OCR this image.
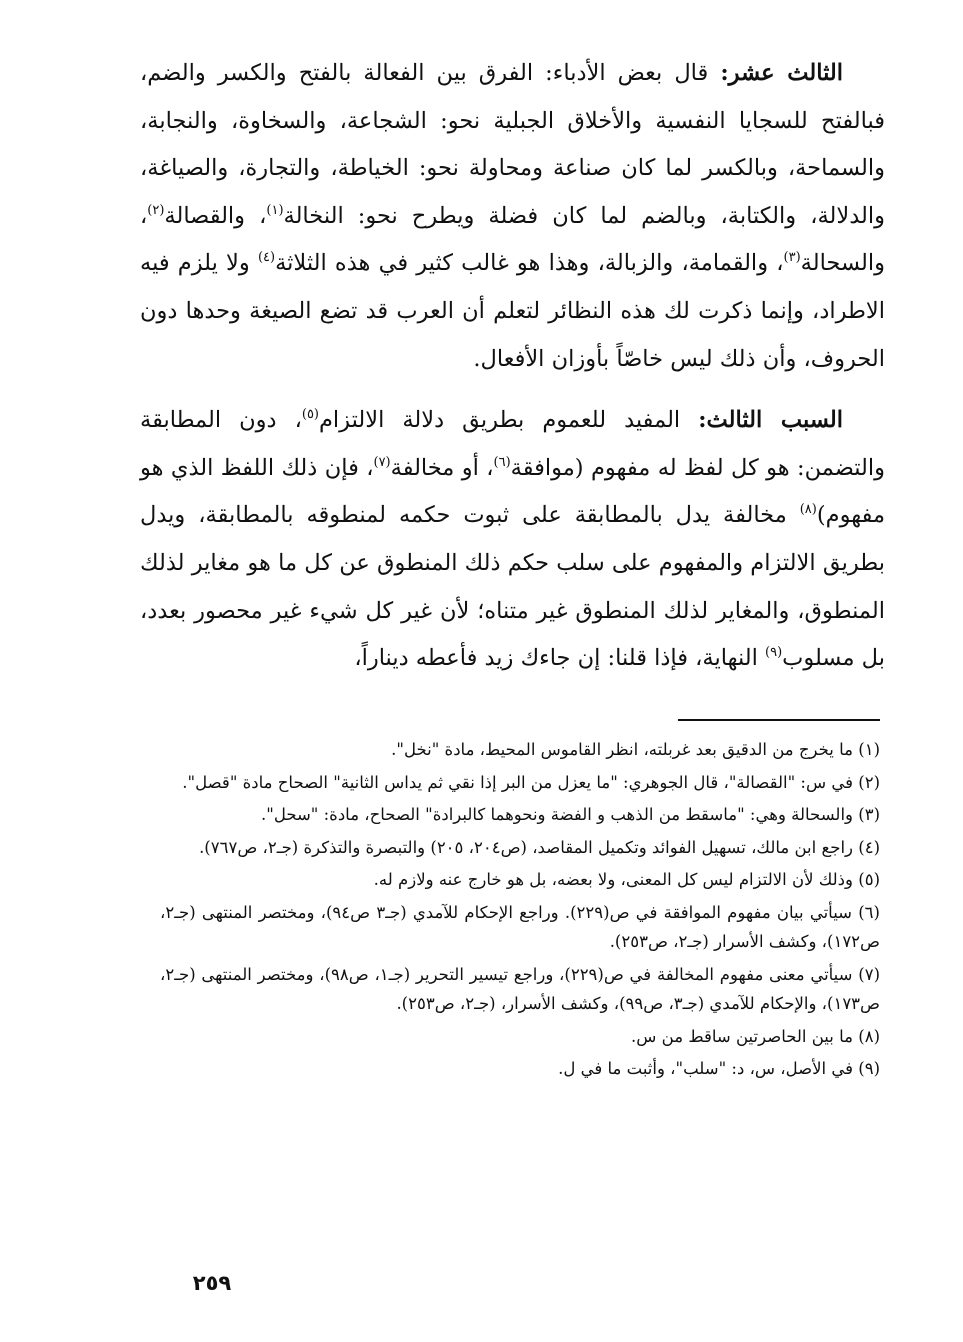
الثالث عشر: قال بعض الأدباء: الفرق بين الفعالة بالفتح والكسر والضم، فبالفتح للسجايا النفسية والأخلاق الجبلية نحو: الشجاعة، والسخاوة، والنجابة، والسماحة، وبالكسر لما كان صناعة ومحاولة نحو: الخياطة، والتجارة، والصياغة، والدلالة، والكتابة، وبالضم لما كان فضلة ويطرح نحو: النخالة$^{(١)}$، والقصالة$^{(٢)}$، والسحالة$^{(٣)}$، والقمامة، والزبالة، وهذا هو غالب كثير في هذه الثلاثة$^{(٤)}$ ولا يلزم فيه الاطراد، وإنما ذكرت لك هذه النظائر لتعلم أن العرب قد تضع الصيغة وحدها دون الحروف، وأن ذلك ليس خاصّاً بأوزان الأفعال.

السبب الثالث: المفيد للعموم بطريق دلالة الالتزام$^{(٥)}$، دون المطابقة والتضمن: هو كل لفظ له مفهوم (موافقة$^{(٦)}$، أو مخالفة$^{(٧)}$، فإن ذلك اللفظ الذي هو مفهوم)$^{(٨)}$ مخالفة يدل بالمطابقة على ثبوت حكمه لمنطوقه بالمطابقة، ويدل بطريق الالتزام والمفهوم على سلب حكم ذلك المنطوق عن كل ما هو مغاير لذلك المنطوق، والمغاير لذلك المنطوق غير متناه؛ لأن غير كل شيء غير محصور بعدد، بل مسلوب$^{(٩)}$ النهاية، فإذا قلنا: إن جاءك زيد فأعطه ديناراً،

(١) ما يخرج من الدقيق بعد غربلته، انظر القاموس المحيط، مادة "نخل".

(٢) في س: "القصالة"، قال الجوهري: "ما يعزل من البر إذا نقي ثم يداس الثانية" الصحاح مادة "قصل".

(٣) والسحالة وهي: "ماسقط من الذهب و الفضة ونحوهما كالبرادة" الصحاح، مادة: "سحل".

(٤) راجع ابن مالك، تسهيل الفوائد وتكميل المقاصد، (ص٢٠٤، ٢٠٥) والتبصرة والتذكرة (جـ٢، ص٧٦٧).

(٥) وذلك لأن الالتزام ليس كل المعنى، ولا بعضه، بل هو خارج عنه ولازم له.

(٦) سيأتي بيان مفهوم الموافقة في ص(٢٢٩). وراجع الإحكام للآمدي (جـ٣ ص٩٤)، ومختصر المنتهى (جـ٢، ص١٧٢)، وكشف الأسرار (جـ٢، ص٢٥٣).

(٧) سيأتي معنى مفهوم المخالفة في ص(٢٢٩)، وراجع تيسير التحرير (جـ١، ص٩٨)، ومختصر المنتهى (جـ٢، ص١٧٣)، والإحكام للآمدي (جـ٣، ص٩٩)، وكشف الأسرار، (جـ٢، ص٢٥٣).

(٨) ما بين الحاصرتين ساقط من س.

(٩) في الأصل، س، د: "سلب"، وأثبت ما في ل.

٢٥٩
